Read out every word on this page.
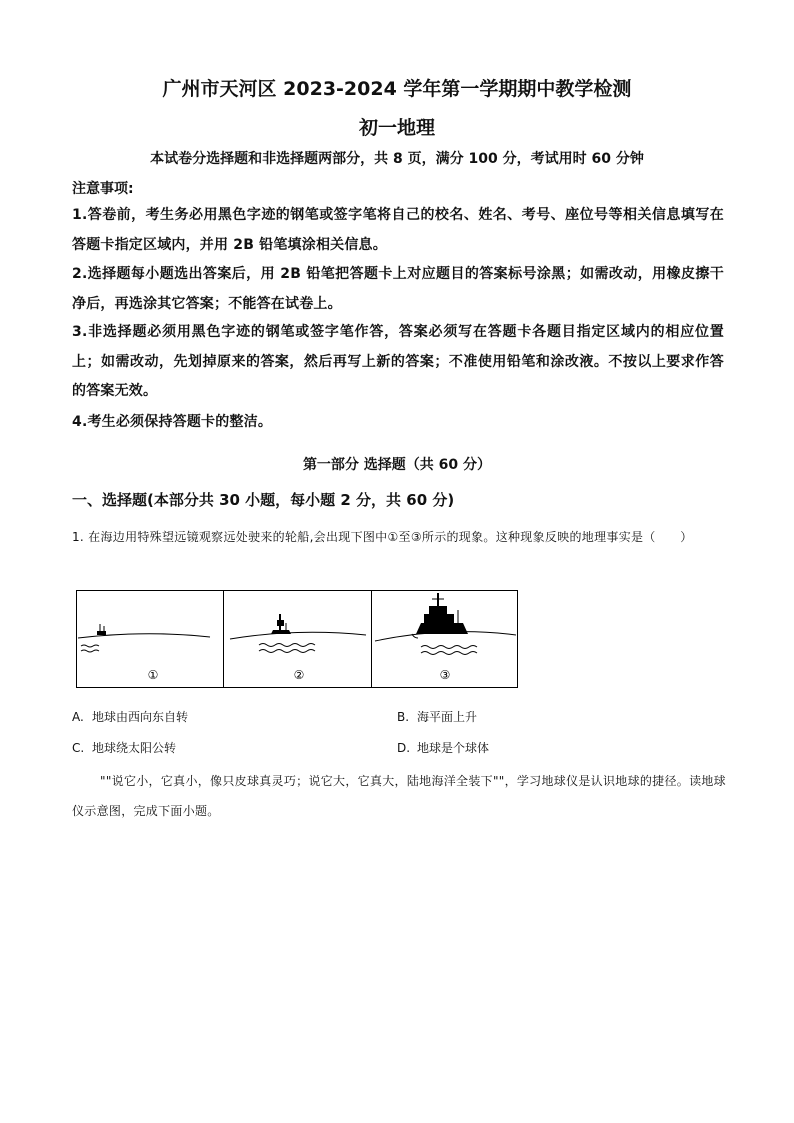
广州市天河区 2023-2024 学年第一学期期中教学检测
初一地理
本试卷分选择题和非选择题两部分，共 8 页，满分 100 分，考试用时 60 分钟
注意事项:
1.答卷前，考生务必用黑色字迹的钢笔或签字笔将自己的校名、姓名、考号、座位号等相关信息填写在答题卡指定区域内，并用 2B 铅笔填涂相关信息。
2.选择题每小题选出答案后，用 2B 铅笔把答题卡上对应题目的答案标号涂黑；如需改动，用橡皮擦干净后，再选涂其它答案；不能答在试卷上。
3.非选择题必须用黑色字迹的钢笔或签字笔作答，答案必须写在答题卡各题目指定区域内的相应位置上；如需改动，先划掉原来的答案，然后再写上新的答案；不准使用铅笔和涂改液。不按以上要求作答的答案无效。
4.考生必须保持答题卡的整洁。
第一部分 选择题（共 60 分）
一、选择题(本部分共 30 小题，每小题 2 分，共 60 分)
1. 在海边用特殊望远镜观察远处驶来的轮船,会出现下图中①至③所示的现象。这种现象反映的地理事实是（　　）
①	②	③
A. 地球由西向东自转	B. 海平面上升
C. 地球绕太阳公转	D. 地球是个球体
""说它小，它真小，像只皮球真灵巧；说它大，它真大，陆地海洋全装下""，学习地球仪是认识地球的捷径。读地球仪示意图，完成下面小题。
